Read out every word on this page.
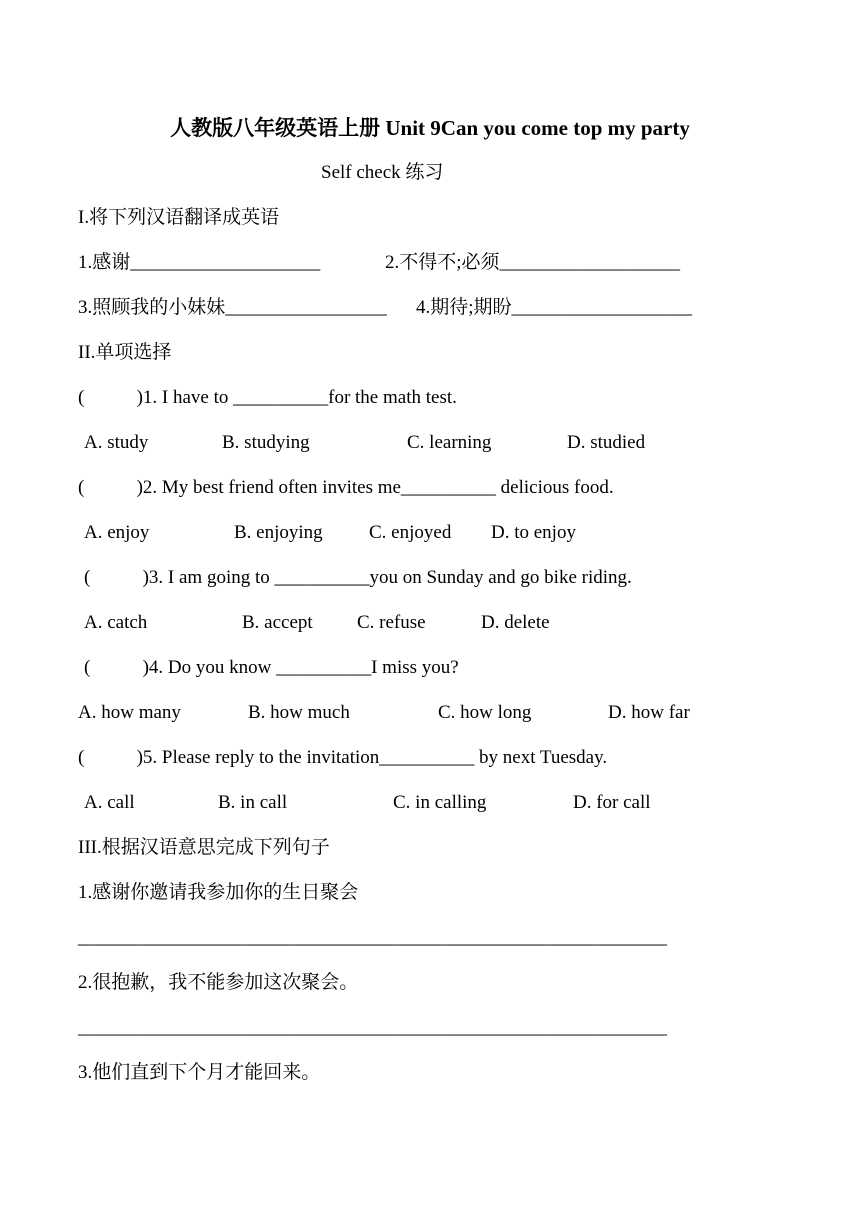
人教版八年级英语上册 Unit 9Can you come top my party
Self check 练习
I.将下列汉语翻译成英语
1.感谢____________________	2.不得不;必须___________________
3.照顾我的小妹妹_________________ 4.期待;期盼___________________
II.单项选择
(           )1. I have to __________for the math test.
A. study	B. studying	C. learning	D. studied
(           )2. My best friend often invites me__________ delicious food.
A. enjoy	B. enjoying C. enjoyed D. to enjoy
(           )3. I am going to __________you on Sunday and go bike riding.
A. catch	B. accept C. refuse	D. delete
(           )4. Do you know __________I miss you?
A. how many	B. how much	C. how long	D. how far
(           )5. Please reply to the invitation__________ by next Tuesday.
A. call	B. in call	C. in calling	D. for call
III.根据汉语意思完成下列句子
1.感谢你邀请我参加你的生日聚会
______________________________________________________________
2.很抱歉，我不能参加这次聚会。
______________________________________________________________
3.他们直到下个月才能回来。
